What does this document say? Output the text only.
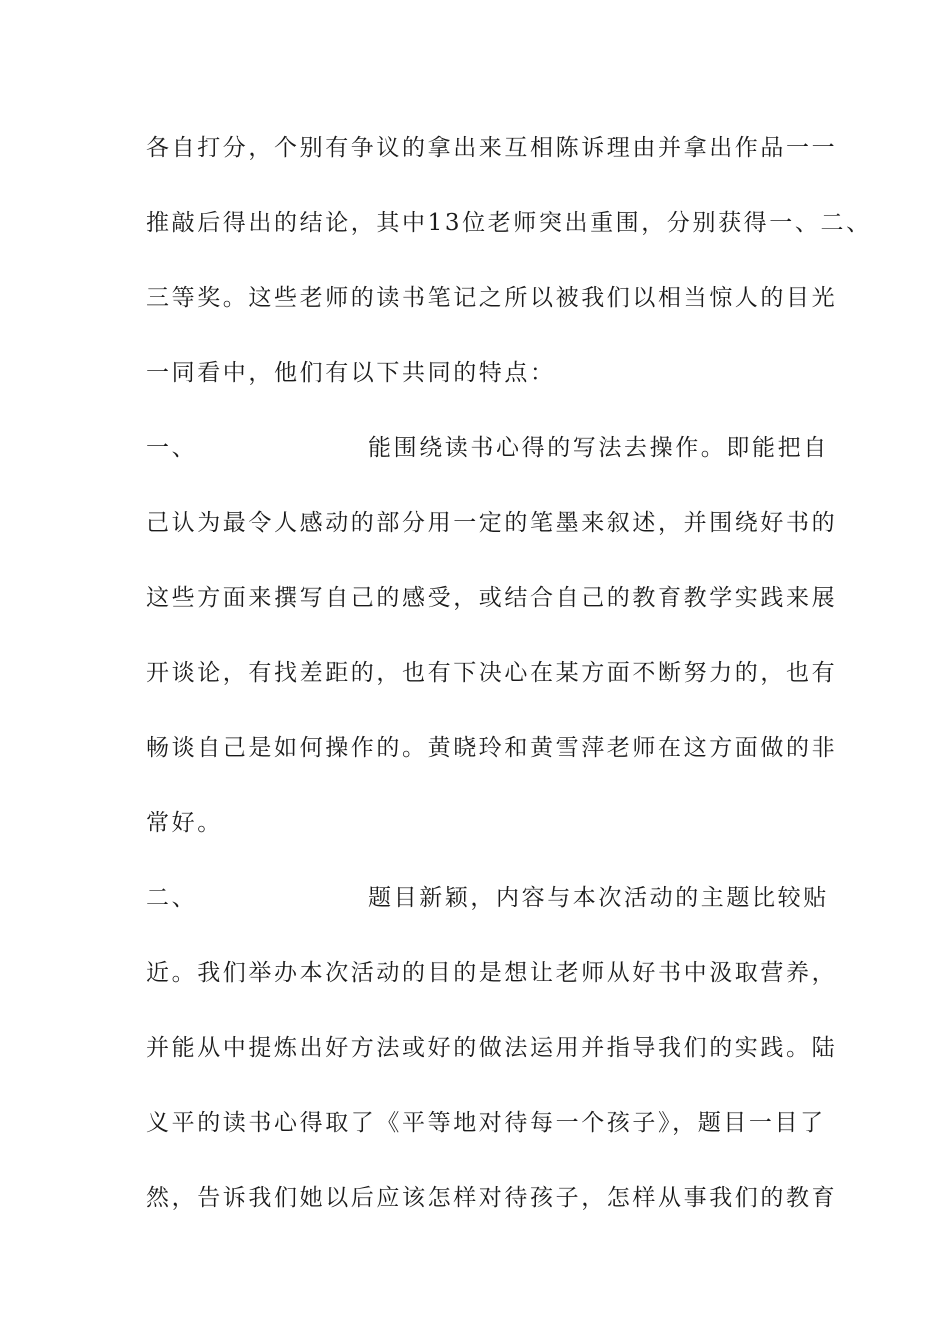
各自打分，个别有争议的拿出来互相陈诉理由并拿出作品一一
推敲后得出的结论，其中13位老师突出重围，分别获得一、二、
三等奖。这些老师的读书笔记之所以被我们以相当惊人的目光
一同看中，他们有以下共同的特点：
一、	能围绕读书心得的写法去操作。即能把自
己认为最令人感动的部分用一定的笔墨来叙述，并围绕好书的
这些方面来撰写自己的感受，或结合自己的教育教学实践来展
开谈论，有找差距的，也有下决心在某方面不断努力的，也有
畅谈自己是如何操作的。黄晓玲和黄雪萍老师在这方面做的非
常好。
二、	题目新颖，内容与本次活动的主题比较贴
近。我们举办本次活动的目的是想让老师从好书中汲取营养，
并能从中提炼出好方法或好的做法运用并指导我们的实践。陆
义平的读书心得取了《平等地对待每一个孩子》，题目一目了
然，告诉我们她以后应该怎样对待孩子，怎样从事我们的教育
